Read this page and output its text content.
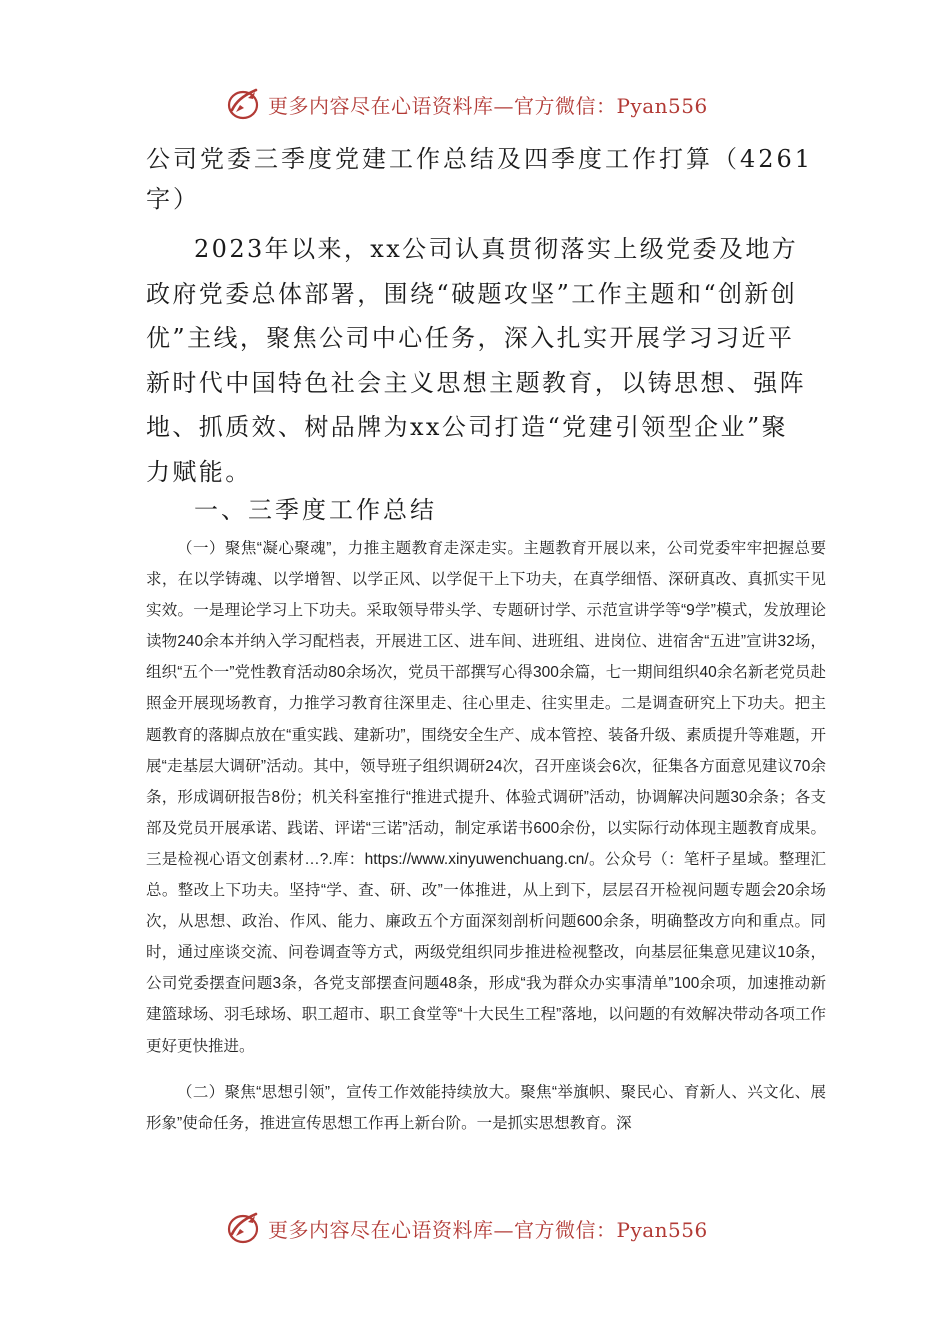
更多内容尽在心语资料库—官方微信：Pyan556
公司党委三季度党建工作总结及四季度工作打算（4261字）

2023年以来，xx公司认真贯彻落实上级党委及地方政府党委总体部署，围绕“破题攻坚”工作主题和“创新创优”主线，聚焦公司中心任务，深入扎实开展学习习近平新时代中国特色社会主义思想主题教育，以铸思想、强阵地、抓质效、树品牌为xx公司打造“党建引领型企业”聚力赋能。

一、三季度工作总结

（一）聚焦“凝心聚魂”，力推主题教育走深走实。主题教育开展以来，公司党委牢牢把握总要求，在以学铸魂、以学增智、以学正风、以学促干上下功夫，在真学细悟、深研真改、真抓实干见实效。一是理论学习上下功夫。采取领导带头学、专题研讨学、示范宣讲学等“9学”模式，发放理论读物240余本并纳入学习配档表，开展进工区、进车间、进班组、进岗位、进宿舍“五进”宣讲32场，组织“五个一”党性教育活动80余场次，党员干部撰写心得300余篇，七一期间组织40余名新老党员赴照金开展现场教育，力推学习教育往深里走、往心里走、往实里走。二是调查研究上下功夫。把主题教育的落脚点放在“重实践、建新功”，围绕安全生产、成本管控、装备升级、素质提升等难题，开展“走基层大调研”活动。其中，领导班子组织调研24次，召开座谈会6次，征集各方面意见建议70余条，形成调研报告8份；机关科室推行“推进式提升、体验式调研”活动，协调解决问题30余条；各支部及党员开展承诺、践诺、评诺“三诺”活动，制定承诺书600余份，以实际行动体现主题教育成果。三是检视心语文创素材…?.库：https://www.xinyuwenchuang.cn/。公众号（：笔杆子星域。整理汇总。整改上下功夫。坚持“学、查、研、改”一体推进，从上到下，层层召开检视问题专题会20余场次，从思想、政治、作风、能力、廉政五个方面深刻剖析问题600余条，明确整改方向和重点。同时，通过座谈交流、问卷调查等方式，两级党组织同步推进检视整改，向基层征集意见建议10条，公司党委摆查问题3条，各党支部摆查问题48条，形成“我为群众办实事清单”100余项，加速推动新建篮球场、羽毛球场、职工超市、职工食堂等“十大民生工程”落地，以问题的有效解决带动各项工作更好更快推进。

（二）聚焦“思想引领”，宣传工作效能持续放大。聚焦“举旗帜、聚民心、育新人、兴文化、展形象”使命任务，推进宣传思想工作再上新台阶。一是抓实思想教育。深

更多内容尽在心语资料库—官方微信：Pyan556
